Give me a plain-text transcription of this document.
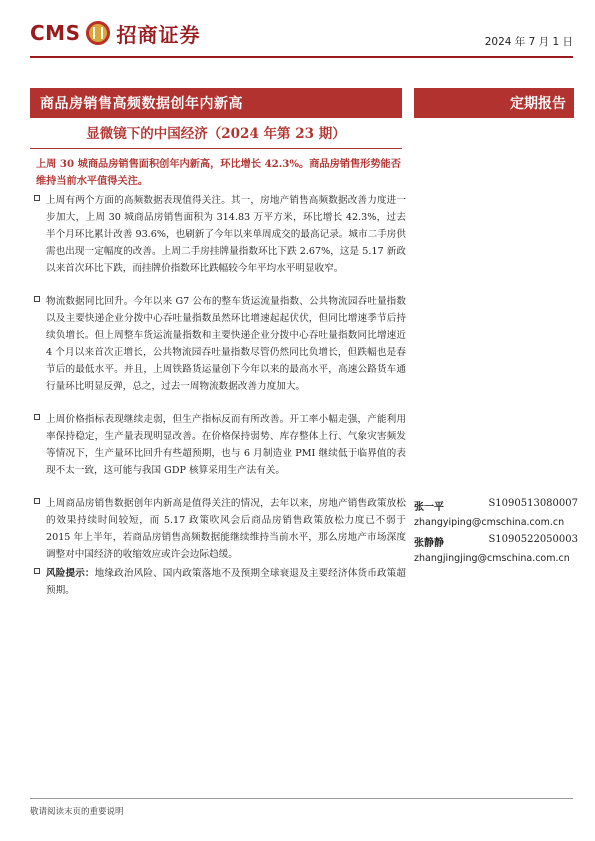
CMS 招商证券	2024 年 7 月 1 日
商品房销售高频数据创年内新高	定期报告
显微镜下的中国经济（2024 年第 23 期）
上周 30 城商品房销售面积创年内新高，环比增长 42.3%。商品房销售形势能否维持当前水平值得关注。
上周有两个方面的高频数据表现值得关注。其一，房地产销售高频数据改善力度进一步加大，上周 30 城商品房销售面积为 314.83 万平方米，环比增长 42.3%，过去半个月环比累计改善 93.6%，也刷新了今年以来单周成交的最高记录。城市二手房供需也出现一定幅度的改善。上周二手房挂牌量指数环比下跌 2.67%，这是 5.17 新政以来首次环比下跌，而挂牌价指数环比跌幅较今年平均水平明显收窄。
物流数据同比回升。今年以来 G7 公布的整车货运流量指数、公共物流园吞吐量指数以及主要快递企业分拨中心吞吐量指数虽然环比增速起起伏伏，但同比增速季节后持续负增长。但上周整车货运流量指数和主要快递企业分拨中心吞吐量指数同比增速近 4 个月以来首次正增长，公共物流园吞吐量指数尽管仍然同比负增长，但跌幅也是春节后的最低水平。并且，上周铁路货运量创下今年以来的最高水平，高速公路货车通行量环比明显反弹，总之，过去一周物流数据改善力度加大。
上周价格指标表现继续走弱，但生产指标反而有所改善。开工率小幅走强，产能利用率保持稳定，生产量表现明显改善。在价格保持弱势、库存整体上行、气象灾害频发等情况下，生产量环比回升有些超预期，也与 6 月制造业 PMI 继续低于临界值的表现不太一致，这可能与我国 GDP 核算采用生产法有关。
上周商品房销售数据创年内新高是值得关注的情况，去年以来，房地产销售政策放松的效果持续时间较短，而 5.17 政策吹风会后商品房销售政策放松力度已不弱于 2015 年上半年，若商品房销售高频数据能继续维持当前水平，那么房地产市场深度调整对中国经济的收缩效应或许会边际趋缓。
风险提示：地缘政治风险、国内政策落地不及预期全球衰退及主要经济体货币政策超预期。
张一平	S1090513080007
zhangyiping@cmschina.com.cn
张静静	S1090522050003
zhangjingjing@cmschina.com.cn
敬请阅读末页的重要说明
